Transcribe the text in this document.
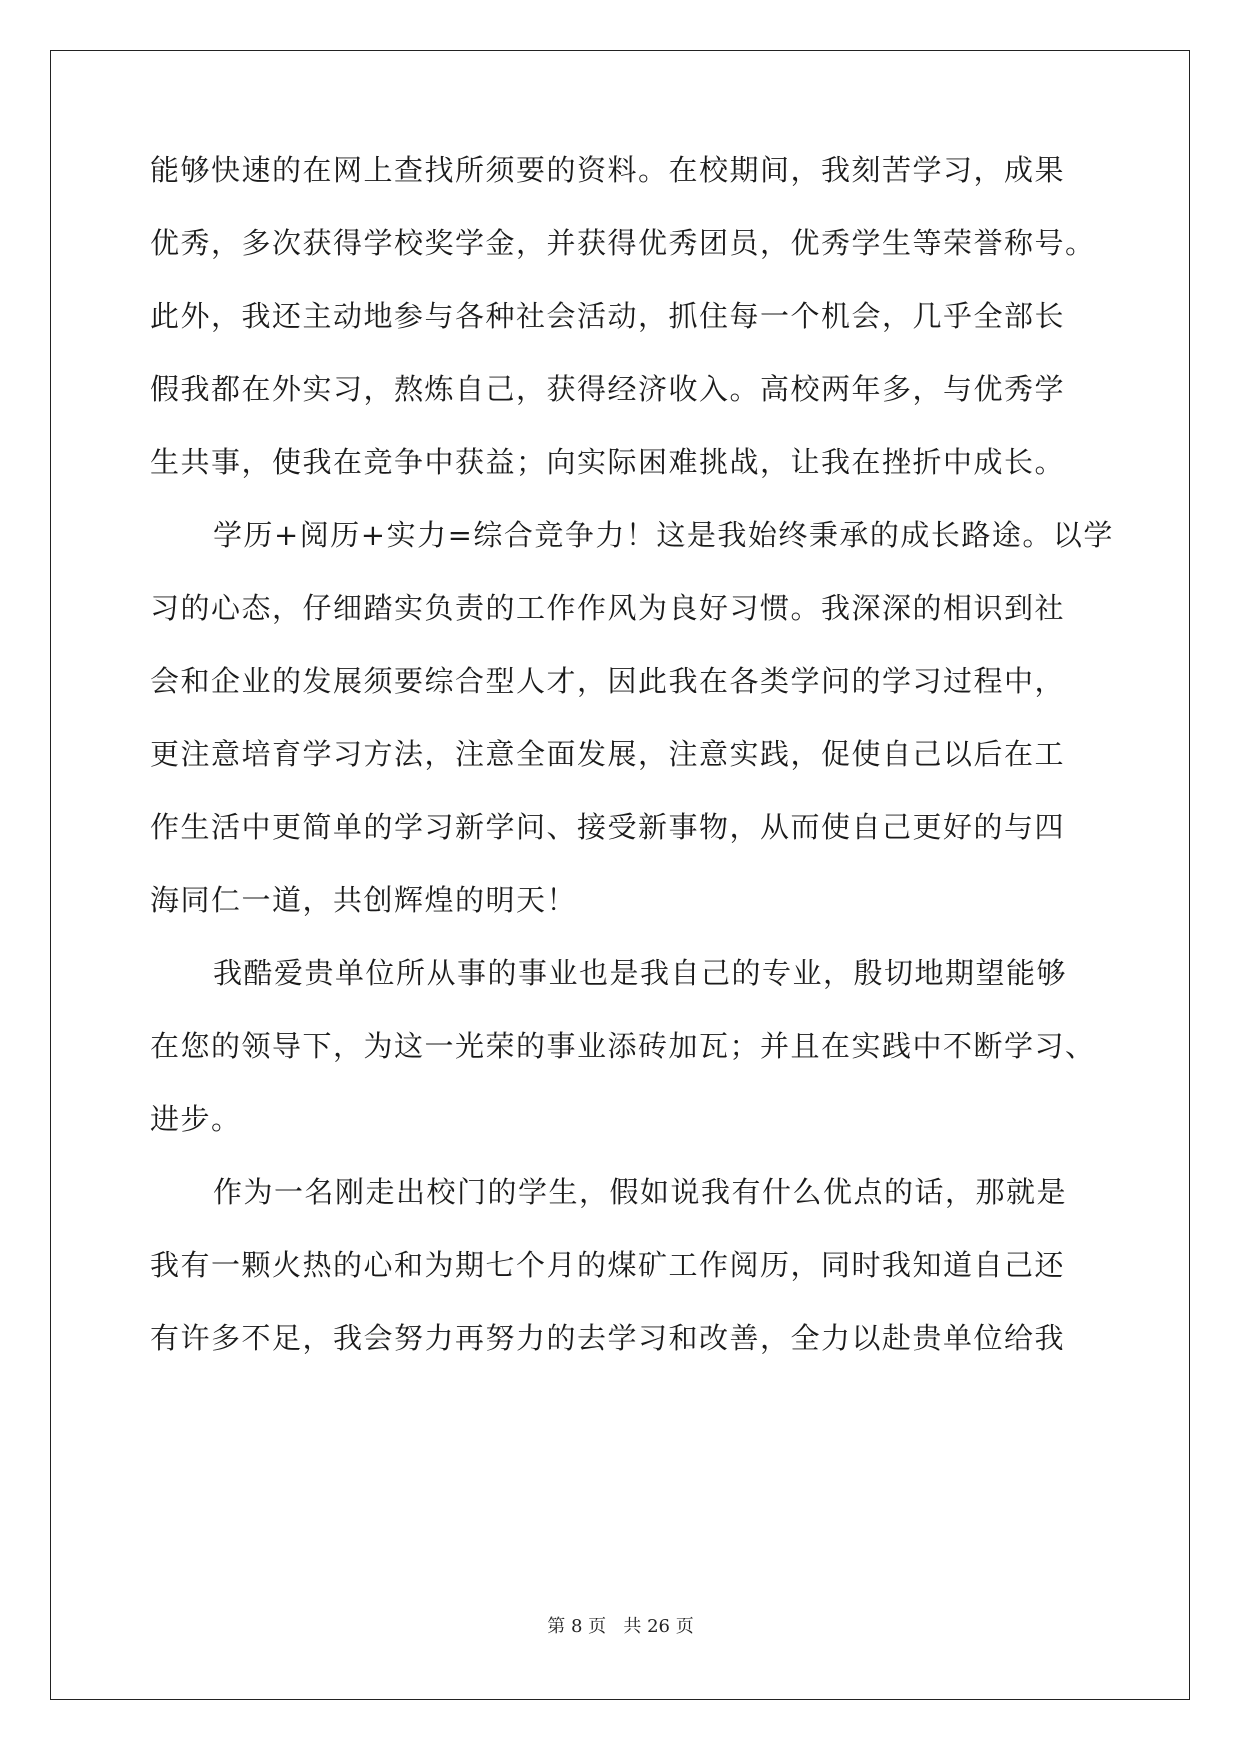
能够快速的在网上查找所须要的资料。在校期间，我刻苦学习，成果
优秀，多次获得学校奖学金，并获得优秀团员，优秀学生等荣誉称号。
此外，我还主动地参与各种社会活动，抓住每一个机会，几乎全部长
假我都在外实习，熬炼自己，获得经济收入。高校两年多，与优秀学
生共事，使我在竞争中获益；向实际困难挑战，让我在挫折中成长。
学历+阅历+实力=综合竞争力！这是我始终秉承的成长路途。以学
习的心态，仔细踏实负责的工作作风为良好习惯。我深深的相识到社
会和企业的发展须要综合型人才，因此我在各类学问的学习过程中，
更注意培育学习方法，注意全面发展，注意实践，促使自己以后在工
作生活中更简单的学习新学问、接受新事物，从而使自己更好的与四
海同仁一道，共创辉煌的明天！
我酷爱贵单位所从事的事业也是我自己的专业，殷切地期望能够
在您的领导下，为这一光荣的事业添砖加瓦；并且在实践中不断学习、
进步。
作为一名刚走出校门的学生，假如说我有什么优点的话，那就是
我有一颗火热的心和为期七个月的煤矿工作阅历，同时我知道自己还
有许多不足，我会努力再努力的去学习和改善，全力以赴贵单位给我
第 8 页   共 26 页
